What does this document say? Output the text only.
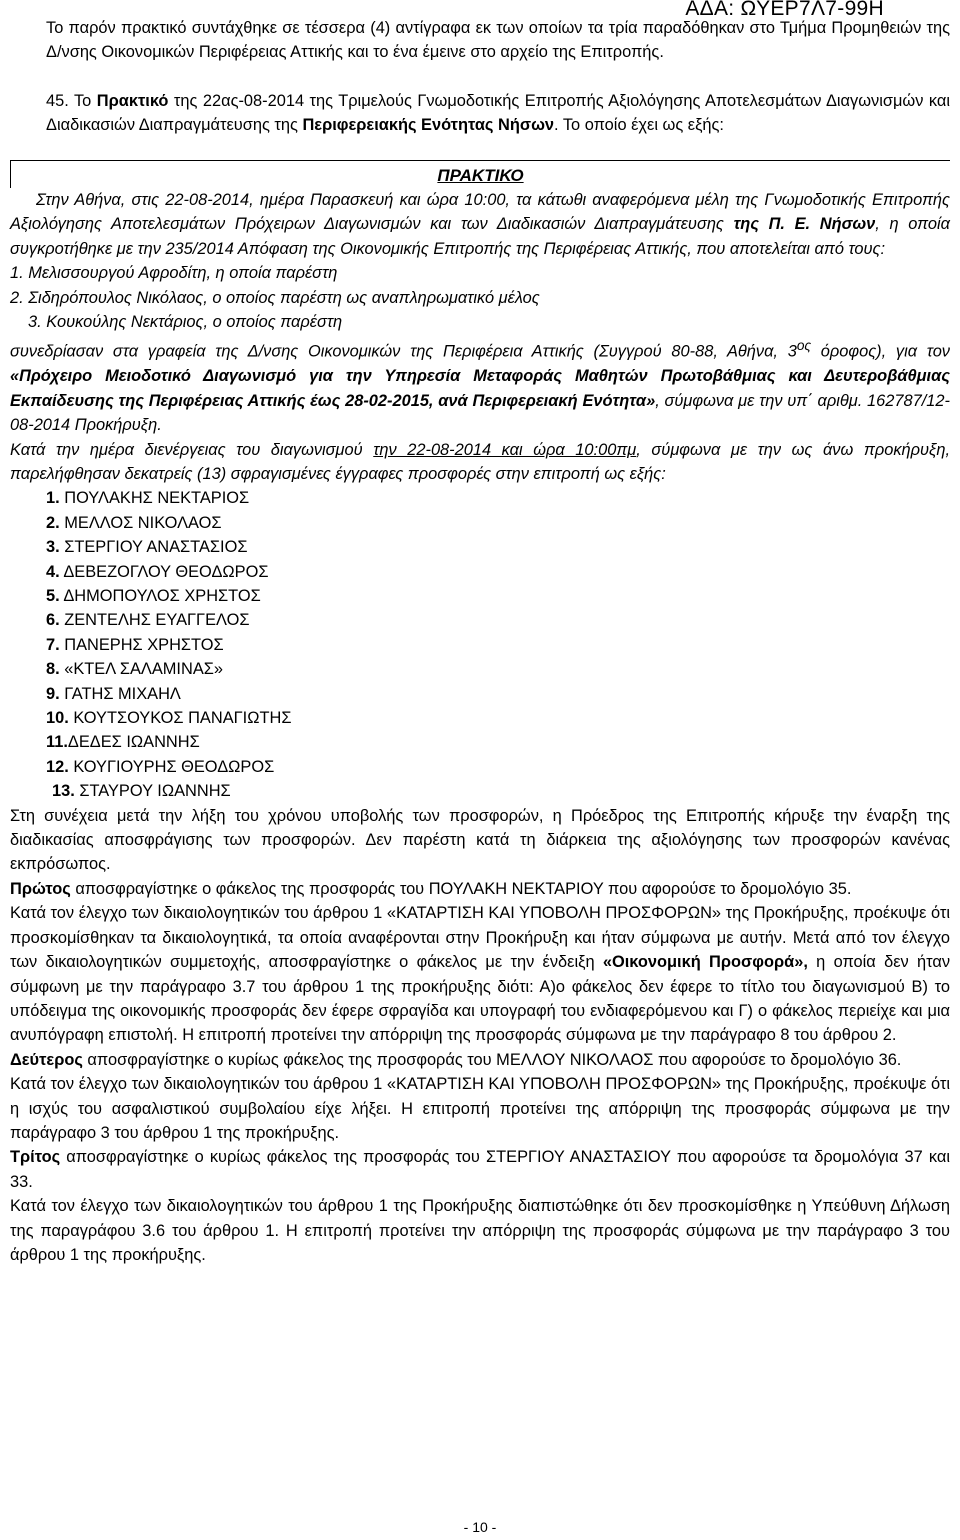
ΑΔΑ: ΩΥΕΡ7Λ7-99Η

Το παρόν πρακτικό συντάχθηκε σε τέσσερα (4) αντίγραφα εκ των οποίων τα τρία παραδόθηκαν στο Τμήμα Προμηθειών της Δ/νσης Οικονομικών Περιφέρειας Αττικής και το ένα έμεινε στο αρχείο της Επιτροπής.

45. Το Πρακτικό της 22ας-08-2014 της Τριμελούς Γνωμοδοτικής Επιτροπής Αξιολόγησης Αποτελεσμάτων Διαγωνισμών και Διαδικασιών Διαπραγμάτευσης της Περιφερειακής Ενότητας Νήσων. Το οποίο έχει ως εξής:

ΠΡΑΚΤΙΚΟ

Στην Αθήνα, στις 22-08-2014, ημέρα Παρασκευή και ώρα 10:00, τα κάτωθι αναφερόμενα μέλη της Γνωμοδοτικής Επιτροπής Αξιολόγησης Αποτελεσμάτων Πρόχειρων Διαγωνισμών και των Διαδικασιών Διαπραγμάτευσης της Π. Ε. Νήσων, η οποία συγκροτήθηκε με την 235/2014 Απόφαση της Οικονομικής Επιτροπής της Περιφέρειας Αττικής, που αποτελείται από τους:

1. Μελισσουργού Αφροδίτη, η οποία παρέστη

2. Σιδηρόπουλος Νικόλαος, ο οποίος παρέστη ως αναπληρωματικό μέλος

3. Κουκούλης Νεκτάριος, ο οποίος παρέστη

συνεδρίασαν στα γραφεία της Δ/νσης Οικονομικών της Περιφέρεια Αττικής (Συγγρού 80-88, Αθήνα, $3^{o\varsigma}$ όροφος), για τον «Πρόχειρο Μειοδοτικό Διαγωνισμό για την Υπηρεσία Μεταφοράς Μαθητών Πρωτοβάθμιας και Δευτεροβάθμιας Εκπαίδευσης της Περιφέρειας Αττικής έως 28-02-2015, ανά Περιφερειακή Ενότητα», σύμφωνα με την υπ΄ αριθμ. 162787/12-08-2014 Προκήρυξη.

Κατά την ημέρα διενέργειας του διαγωνισμού την 22-08-2014 και ώρα 10:00πμ, σύμφωνα με την ως άνω προκήρυξη, παρελήφθησαν δεκατρείς (13) σφραγισμένες έγγραφες προσφορές στην επιτροπή ως εξής:

1. ΠΟΥΛΑΚΗΣ ΝΕΚΤΑΡΙΟΣ

2. ΜΕΛΛΟΣ ΝΙΚΟΛΑΟΣ

3. ΣΤΕΡΓΙΟΥ ΑΝΑΣΤΑΣΙΟΣ

4. ΔΕΒΕΖΟΓΛΟΥ ΘΕΟΔΩΡΟΣ

5. ΔΗΜΟΠΟΥΛΟΣ ΧΡΗΣΤΟΣ

6. ΖΕΝΤΕΛΗΣ ΕΥΑΓΓΕΛΟΣ

7. ΠΑΝΕΡΗΣ ΧΡΗΣΤΟΣ

8. «ΚΤΕΛ ΣΑΛΑΜΙΝΑΣ»

9. ΓΑΤΗΣ ΜΙΧΑΗΛ

10. ΚΟΥΤΣΟΥΚΟΣ ΠΑΝΑΓΙΩΤΗΣ

11.ΔΕΔΕΣ ΙΩΑΝΝΗΣ

12. ΚΟΥΓΙΟΥΡΗΣ ΘΕΟΔΩΡΟΣ

13. ΣΤΑΥΡΟΥ ΙΩΑΝΝΗΣ

Στη συνέχεια μετά την λήξη του χρόνου υποβολής των προσφορών, η Πρόεδρος της Επιτροπής κήρυξε την έναρξη της διαδικασίας αποσφράγισης των προσφορών. Δεν παρέστη κατά τη διάρκεια της αξιολόγησης των προσφορών κανένας εκπρόσωπος.

Πρώτος αποσφραγίστηκε ο φάκελος της προσφοράς του ΠΟΥΛΑΚΗ ΝΕΚΤΑΡΙΟΥ που αφορούσε το δρομολόγιο 35.

Κατά τον έλεγχο των δικαιολογητικών του άρθρου 1 «ΚΑΤΑΡΤΙΣΗ ΚΑΙ ΥΠΟΒΟΛΗ ΠΡΟΣΦΟΡΩΝ» της Προκήρυξης, προέκυψε ότι προσκομίσθηκαν τα δικαιολογητικά, τα οποία αναφέρονται στην Προκήρυξη και ήταν σύμφωνα με αυτήν. Μετά από τον έλεγχο των δικαιολογητικών συμμετοχής, αποσφραγίστηκε ο φάκελος με την ένδειξη «Οικονομική Προσφορά», η οποία δεν ήταν σύμφωνη με την παράγραφο 3.7 του άρθρου 1 της προκήρυξης διότι: Α)ο φάκελος δεν έφερε το τίτλο του διαγωνισμού Β) το υπόδειγμα της οικονομικής προσφοράς δεν έφερε σφραγίδα και υπογραφή του ενδιαφερόμενου και Γ) ο φάκελος περιείχε και μια ανυπόγραφη επιστολή. Η επιτροπή προτείνει την απόρριψη της προσφοράς σύμφωνα με την παράγραφο 8 του άρθρου 2.

Δεύτερος αποσφραγίστηκε ο κυρίως φάκελος της προσφοράς του ΜΕΛΛΟΥ ΝΙΚΟΛΑΟΣ που αφορούσε το δρομολόγιο 36.

Κατά τον έλεγχο των δικαιολογητικών του άρθρου 1 «ΚΑΤΑΡΤΙΣΗ ΚΑΙ ΥΠΟΒΟΛΗ ΠΡΟΣΦΟΡΩΝ» της Προκήρυξης, προέκυψε ότι η ισχύς του ασφαλιστικού συμβολαίου είχε λήξει. Η επιτροπή προτείνει της απόρριψη της προσφοράς σύμφωνα με την παράγραφο 3 του άρθρου 1 της προκήρυξης.

Τρίτος αποσφραγίστηκε ο κυρίως φάκελος της προσφοράς του ΣΤΕΡΓΙΟΥ ΑΝΑΣΤΑΣΙΟΥ που αφορούσε τα δρομολόγια 37 και 33.

Κατά τον έλεγχο των δικαιολογητικών του άρθρου 1 της Προκήρυξης διαπιστώθηκε ότι δεν προσκομίσθηκε η Υπεύθυνη Δήλωση της παραγράφου 3.6 του άρθρου 1. Η επιτροπή προτείνει την απόρριψη της προσφοράς σύμφωνα με την παράγραφο 3 του άρθρου 1 της προκήρυξης.

- 10 -
